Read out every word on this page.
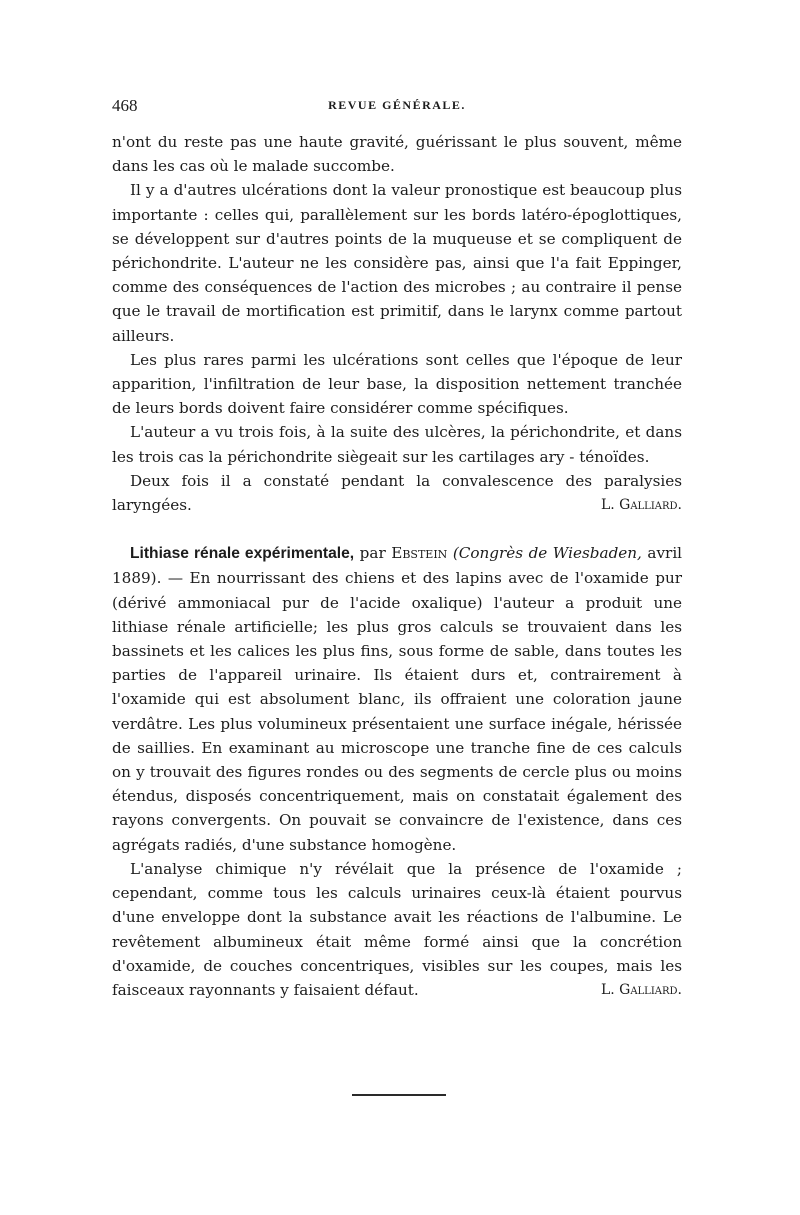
468	REVUE GÉNÉRALE.

n'ont du reste pas une haute gravité, guérissant le plus souvent, même dans les cas où le malade succombe.

Il y a d'autres ulcérations dont la valeur pronostique est beaucoup plus importante : celles qui, parallèlement sur les bords latéro-époglottiques, se développent sur d'autres points de la muqueuse et se compliquent de périchondrite. L'auteur ne les considère pas, ainsi que l'a fait Eppinger, comme des conséquences de l'action des microbes ; au contraire il pense que le travail de mortification est primitif, dans le larynx comme partout ailleurs.

Les plus rares parmi les ulcérations sont celles que l'époque de leur apparition, l'infiltration de leur base, la disposition nettement tranchée de leurs bords doivent faire considérer comme spécifiques.

L'auteur a vu trois fois, à la suite des ulcères, la périchondrite, et dans les trois cas la périchondrite siègeait sur les cartilages ary - ténoïdes.

Deux fois il a constaté pendant la convalescence des paralysies laryngées.	L. Galliard.

Lithiase rénale expérimentale, par Ebstein (Congrès de Wiesbaden, avril 1889). — En nourrissant des chiens et des lapins avec de l'oxamide pur (dérivé ammoniacal pur de l'acide oxalique) l'auteur a produit une lithiase rénale artificielle; les plus gros calculs se trouvaient dans les bassinets et les calices les plus fins, sous forme de sable, dans toutes les parties de l'appareil urinaire. Ils étaient durs et, contrairement à l'oxamide qui est absolument blanc, ils offraient une coloration jaune verdâtre. Les plus volumineux présentaient une surface inégale, hérissée de saillies. En examinant au microscope une tranche fine de ces calculs on y trouvait des figures rondes ou des segments de cercle plus ou moins étendus, disposés concentriquement, mais on constatait également des rayons convergents. On pouvait se convaincre de l'existence, dans ces agrégats radiés, d'une substance homogène.

L'analyse chimique n'y révélait que la présence de l'oxamide ; cependant, comme tous les calculs urinaires ceux-là étaient pourvus d'une enveloppe dont la substance avait les réactions de l'albumine. Le revêtement albumineux était même formé ainsi que la concrétion d'oxamide, de couches concentriques, visibles sur les coupes, mais les faisceaux rayonnants y faisaient défaut.	L. Galliard.
